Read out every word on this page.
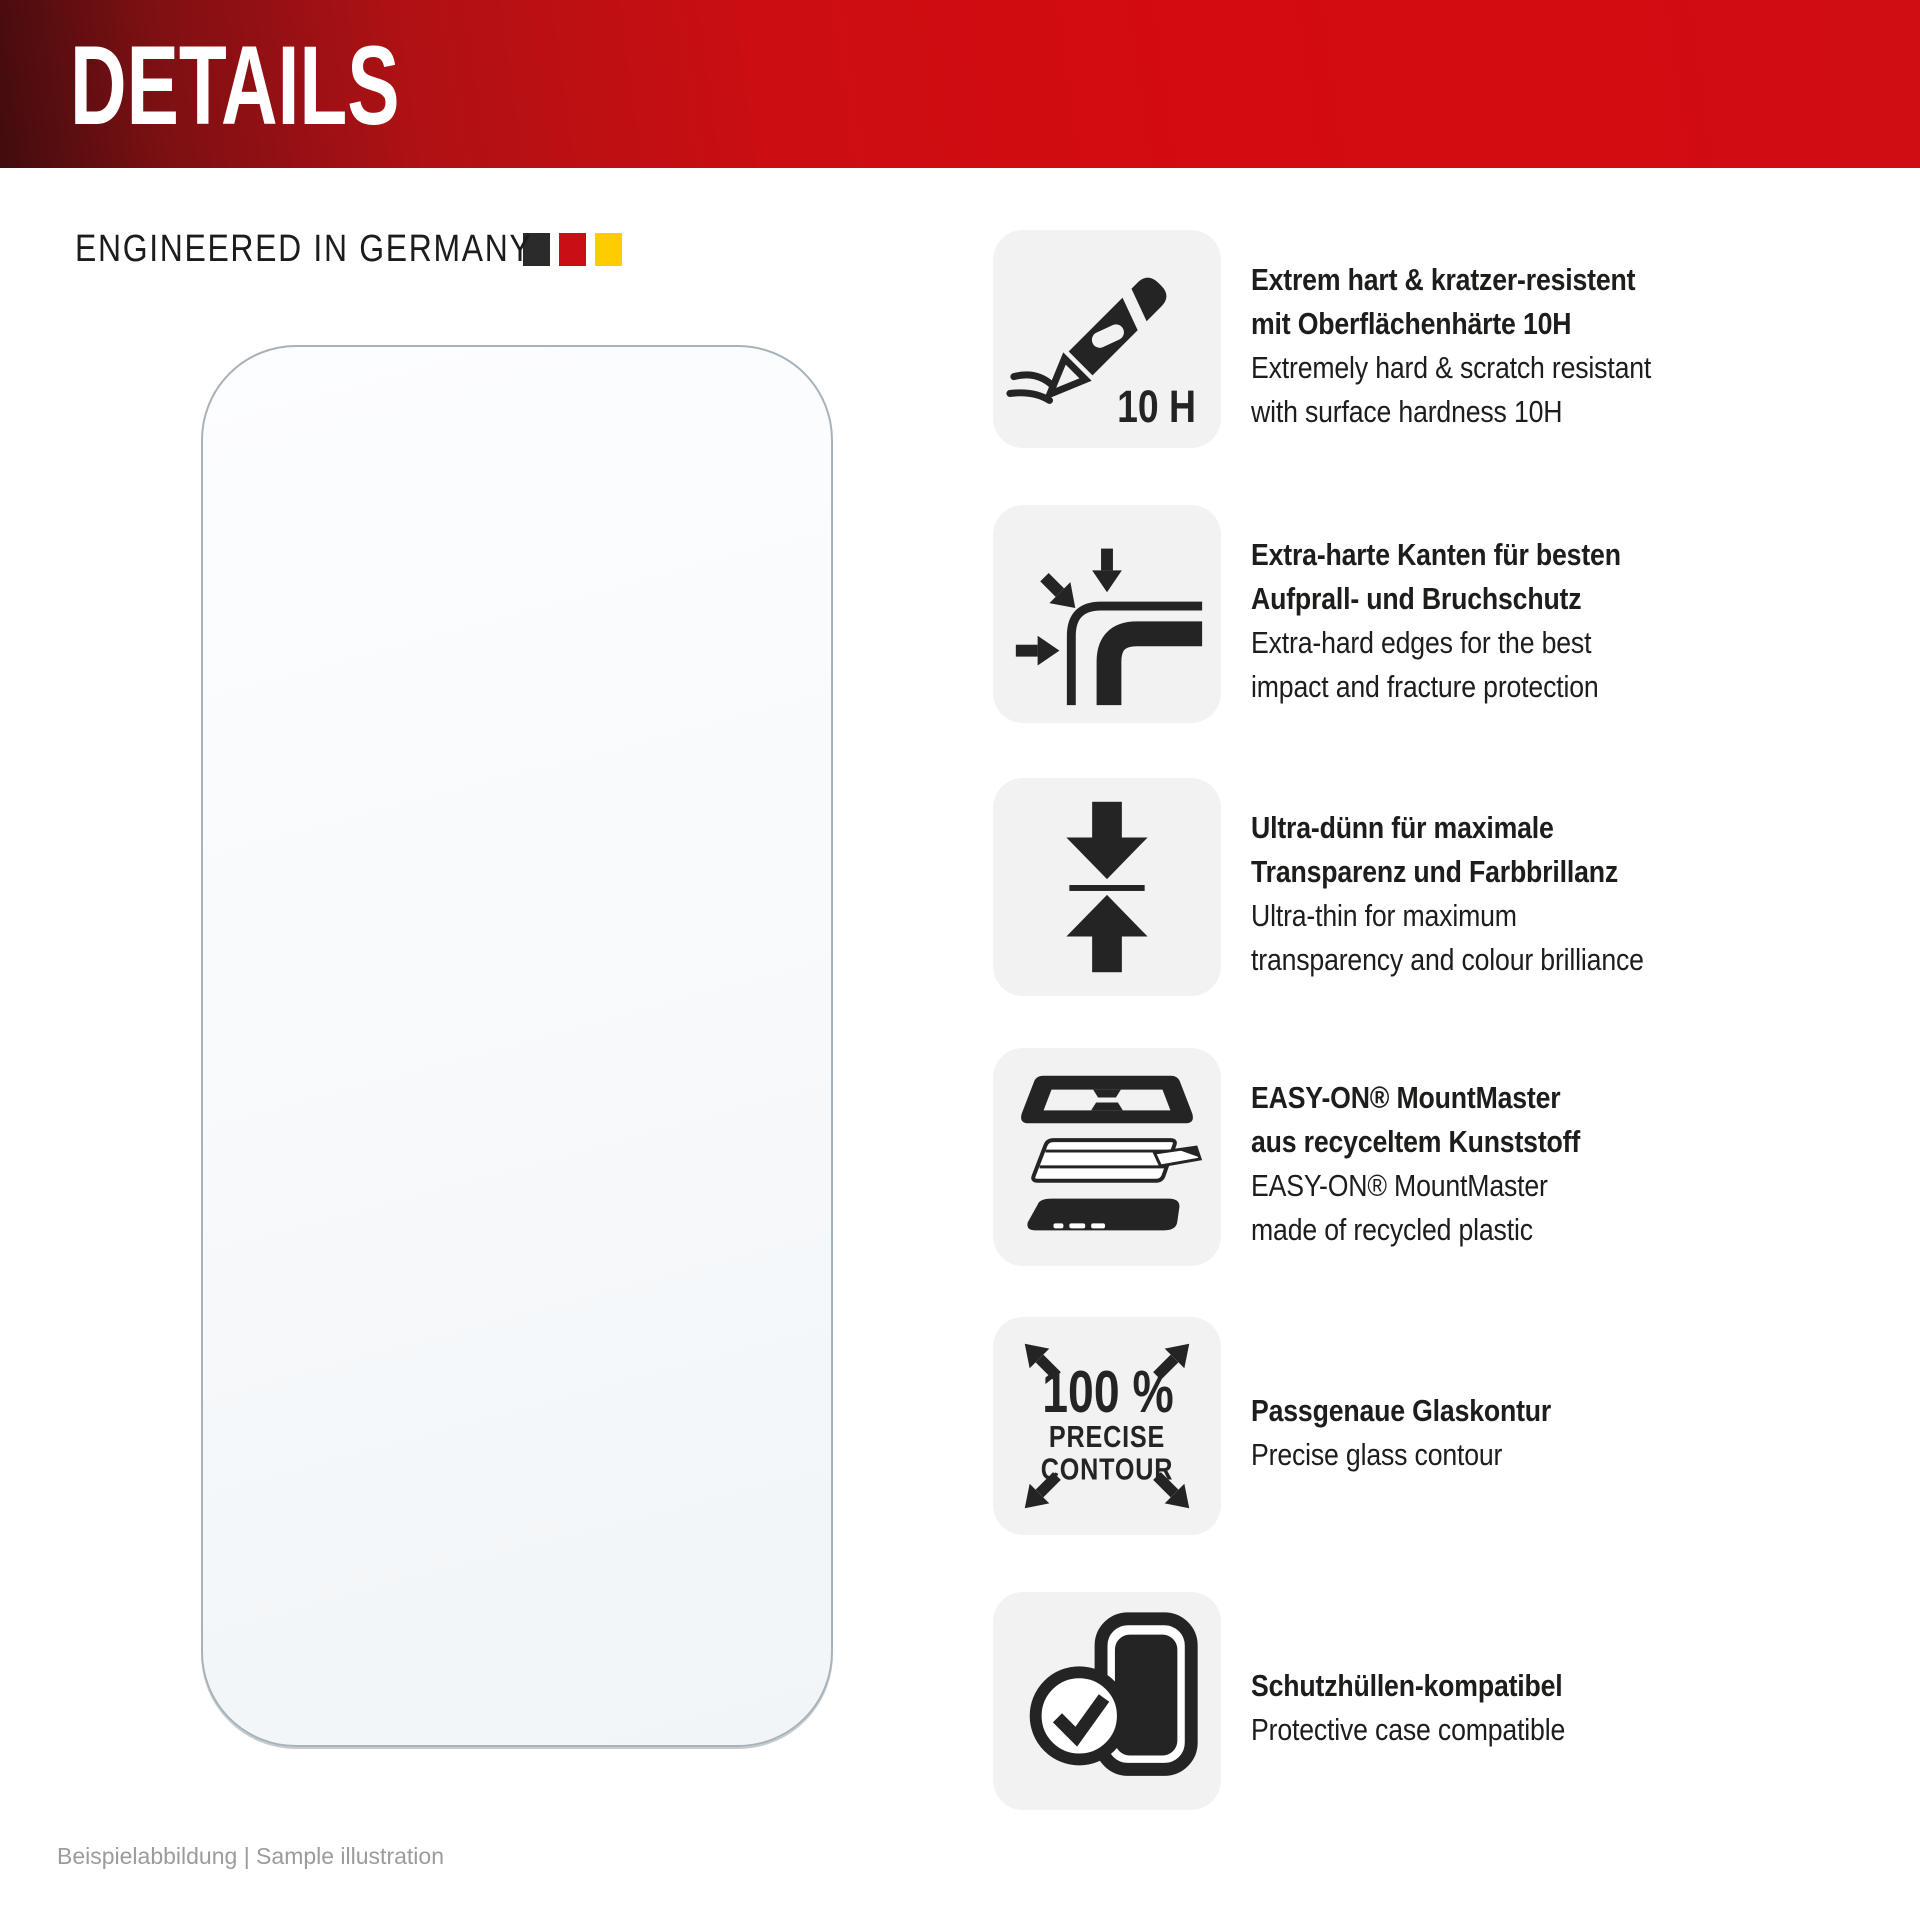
DETAILS
ENGINEERED IN GERMANY
10 H
Extrem hart & kratzer-resistent
mit Oberflächenhärte 10H
Extremely hard & scratch resistant
with surface hardness 10H
Extra-harte Kanten für besten
Aufprall- und Bruchschutz
Extra-hard edges for the best
impact and fracture protection
Ultra-dünn für maximale
Transparenz und Farbbrillanz
Ultra-thin for maximum
transparency and colour brilliance
EASY-ON® MountMaster
aus recyceltem Kunststoff
EASY-ON® MountMaster
made of recycled plastic
100 %
PRECISE
CONTOUR
Passgenaue Glaskontur
Precise glass contour
Schutzhüllen-kompatibel
Protective case compatible
Beispielabbildung | Sample illustration
